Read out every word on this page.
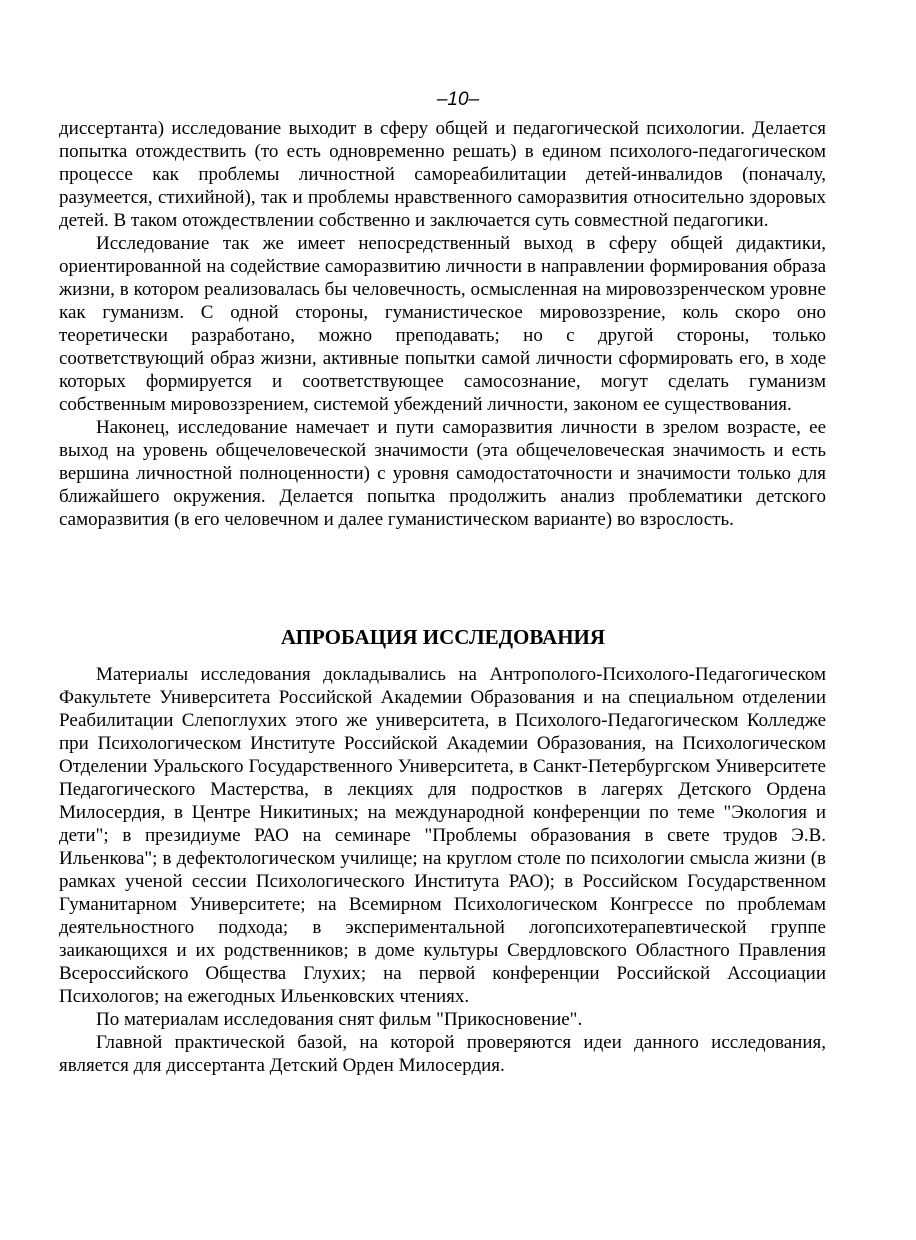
–10–

диссертанта) исследование выходит в сферу общей и педагогической психологии. Делается попытка отождествить (то есть одновременно решать) в едином психолого-педагогическом процессе как проблемы личностной самореабилитации детей-инвалидов (поначалу, разумеется, стихийной), так и проблемы нравственного саморазвития относительно здоровых детей. В таком отождествлении собственно и заключается суть совместной педагогики.

Исследование так же имеет непосредственный выход в сферу общей дидактики, ориентированной на содействие саморазвитию личности в направлении формирования образа жизни, в котором реализовалась бы человечность, осмысленная на мировоззренческом уровне как гуманизм. С одной стороны, гуманистическое мировоззрение, коль скоро оно теоретически разработано, можно преподавать; но с другой стороны, только соответствующий образ жизни, активные попытки самой личности сформировать его, в ходе которых формируется и соответствующее самосознание, могут сделать гуманизм собственным мировоззрением, системой убеждений личности, законом ее существования.

Наконец, исследование намечает и пути саморазвития личности в зрелом возрасте, ее выход на уровень общечеловеческой значимости (эта общечеловеческая значимость и есть вершина личностной полноценности) с уровня самодостаточности и значимости только для ближайшего окружения. Делается попытка продолжить анализ проблематики детского саморазвития (в его человечном и далее гуманистическом варианте) во взрослость.

АПРОБАЦИЯ ИССЛЕДОВАНИЯ

Материалы исследования докладывались на Антрополого-Психолого-Педагогическом Факультете Университета Российской Академии Образования и на специальном отделении Реабилитации Слепоглухих этого же университета, в Психолого-Педагогическом Колледже при Психологическом Институте Российской Академии Образования, на Психологическом Отделении Уральского Государственного Университета, в Санкт-Петербургском Университете Педагогического Мастерства, в лекциях для подростков в лагерях Детского Ордена Милосердия, в Центре Никитиных; на международной конференции по теме "Экология и дети"; в президиуме РАО на семинаре "Проблемы образования в свете трудов Э.В. Ильенкова"; в дефектологическом училище; на круглом столе по психологии смысла жизни (в рамках ученой сессии Психологического Института РАО); в Российском Государственном Гуманитарном Университете; на Всемирном Психологическом Конгрессе по проблемам деятельностного подхода; в экспериментальной логопсихотерапевтической группе заикающихся и их родственников; в доме культуры Свердловского Областного Правления Всероссийского Общества Глухих; на первой конференции Российской Ассоциации Психологов; на ежегодных Ильенковских чтениях.

По материалам исследования снят фильм "Прикосновение".

Главной практической базой, на которой проверяются идеи данного исследования, является для диссертанта Детский Орден Милосердия.
